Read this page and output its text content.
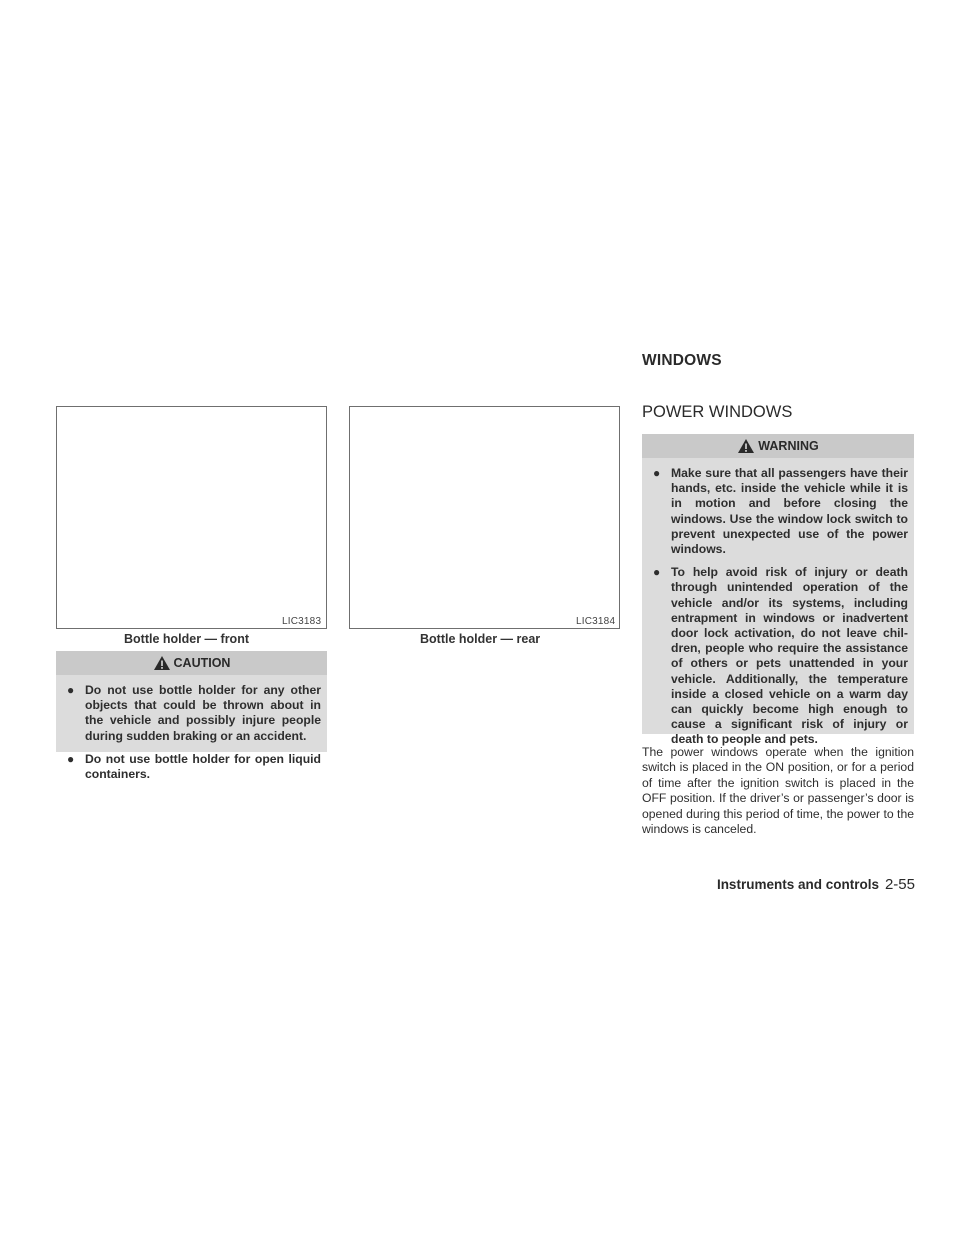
LIC3183
Bottle holder — front
LIC3184
Bottle holder — rear
CAUTION
● Do not use bottle holder for any other objects that could be thrown about in the vehicle and possibly injure people during sudden braking or an accident.
● Do not use bottle holder for open liquid containers.
WINDOWS
POWER WINDOWS
WARNING
● Make sure that all passengers have their hands, etc. inside the vehicle while it is in motion and before closing the windows. Use the window lock switch to prevent unexpected use of the power windows.
● To help avoid risk of injury or death through unintended operation of the vehicle and/or its systems, including entrapment in windows or inadvertent door lock activation, do not leave chil-dren, people who require the assistance of others or pets unattended in your vehicle. Additionally, the temperature inside a closed vehicle on a warm day can quickly become high enough to cause a significant risk of injury or death to people and pets.

The power windows operate when the ignition switch is placed in the ON position, or for a period of time after the ignition switch is placed in the OFF position. If the driver’s or passenger’s door is opened during this period of time, the power to the windows is canceled.

Instruments and controls 2-55
